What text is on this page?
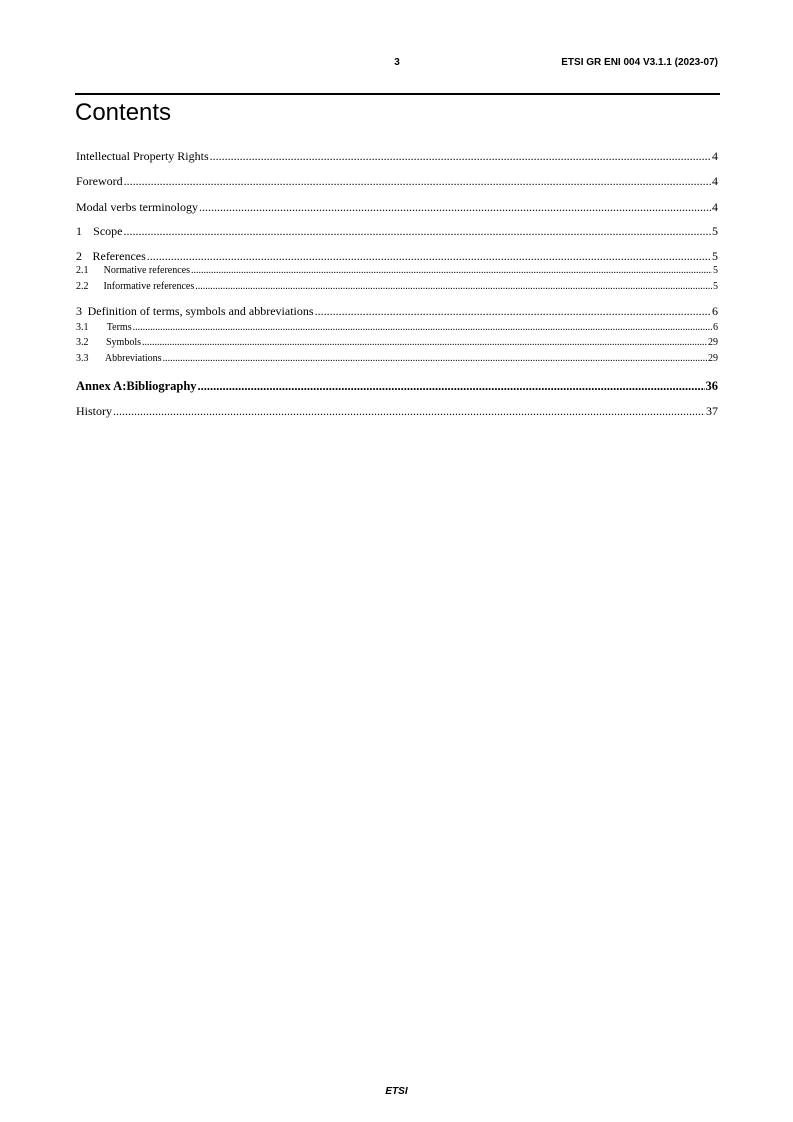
3	ETSI GR ENI 004 V3.1.1 (2023-07)
Contents
Intellectual Property Rights .....	4
Foreword .....	4
Modal verbs terminology .....	4
1 Scope .....	5
2 References .....	5
2.1	Normative references .....	5
2.2	Informative references .....	5
3 Definition of terms, symbols and abbreviations .....	6
3.1	Terms .....	6
3.2	Symbols .....	29
3.3	Abbreviations .....	29
Annex A: Bibliography .....	36
History .....	37
ETSI
